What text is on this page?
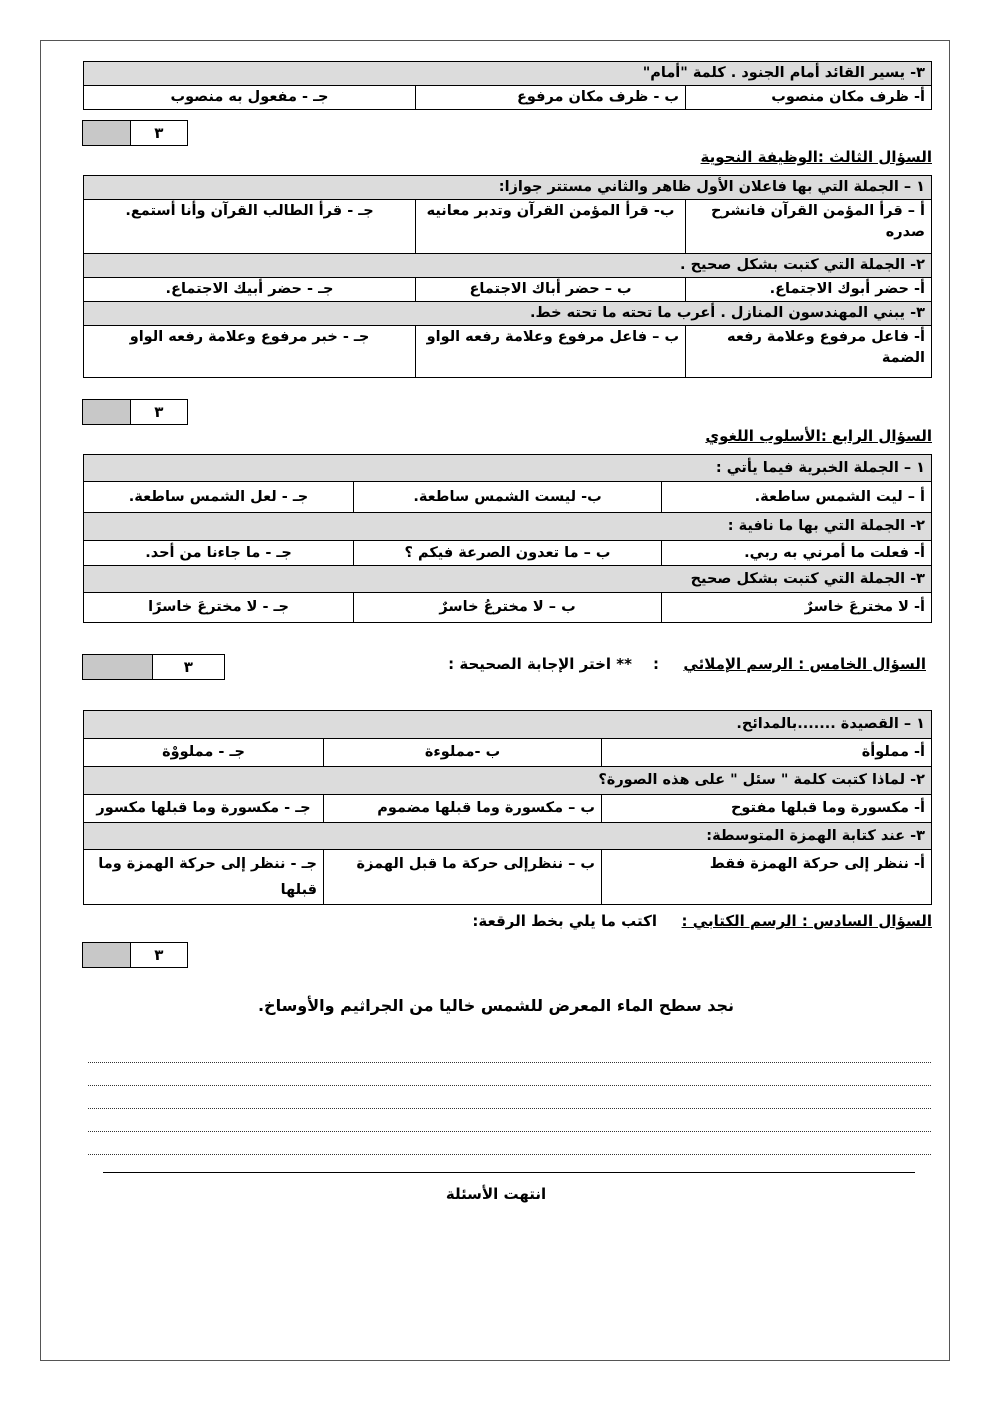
٣- يسير القائد أمام الجنود . كلمة "أمام"
أ- ظرف مكان منصوب	ب - ظرف مكان مرفوع	جـ - مفعول به منصوب
٣
السؤال الثالث :الوظيفة النحوية
١ – الجملة التي بها فاعلان الأول ظاهر والثاني مستتر جوازا:		
أ – قرأ المؤمن القرآن فانشرح صدره	ب- قرأ المؤمن القرآن وتدبر معانيه	جـ - قرأ الطالب القرآن وأنا أستمع.
٢- الجملة التي كتبت بشكل صحيح .		
أ- حضر أبوك الاجتماع.	ب – حضر أباك الاجتماع	جـ - حضر أبيك الاجتماع.
٣- يبني المهندسون المنازل . أعرب ما تحته ما تحته خط.		
أ- فاعل مرفوع وعلامة رفعه الضمة	ب – فاعل مرفوع وعلامة رفعه الواو	جـ - خبر مرفوع وعلامة رفعه الواو
٣
السؤال الرابع :الأسلوب اللغوي
١ – الجملة الخبرية فيما يأتي :		
أ – ليت الشمس ساطعة.	ب- ليست الشمس ساطعة.	جـ - لعل الشمس ساطعة.
٢- الجملة التي بها ما نافية :		
أ- فعلت ما أمرني به ربي.	ب – ما تعدون الصرعة فيكم ؟	جـ - ما جاءنا من أحد.
٣- الجملة التي كتبت بشكل صحيح		
أ- لا مخترعَ خاسرٌ	ب – لا مخترعُ خاسرٌ	جـ - لا مخترعَ خاسرًا
٣	السؤال الخامس : الرسم الإملائي
:
** اختر الإجابة الصحيحة :
١ – القصيدة .......بالمدائح.		
أ- مملوأة	ب -مملوءة	جـ - مملووْة
٢- لماذا كتبت كلمة " سئل " على هذه الصورة؟		
أ- مكسورة وما قبلها مفتوح	ب – مكسورة وما قبلها مضموم	جـ - مكسورة وما قبلها مكسور
٣- عند كتابة الهمزة المتوسطة:		
أ- ننظر إلى حركة الهمزة فقط	ب – ننظرإلى حركة ما قبل الهمزة	جـ - ننظر إلى حركة الهمزة وما قبلها
السؤال السادس : الرسم الكتابي :
اكتب ما يلي بخط الرقعة:
٣
نجد سطح الماء المعرض للشمس خاليا من الجراثيم والأوساخ.
انتهت الأسئلة
